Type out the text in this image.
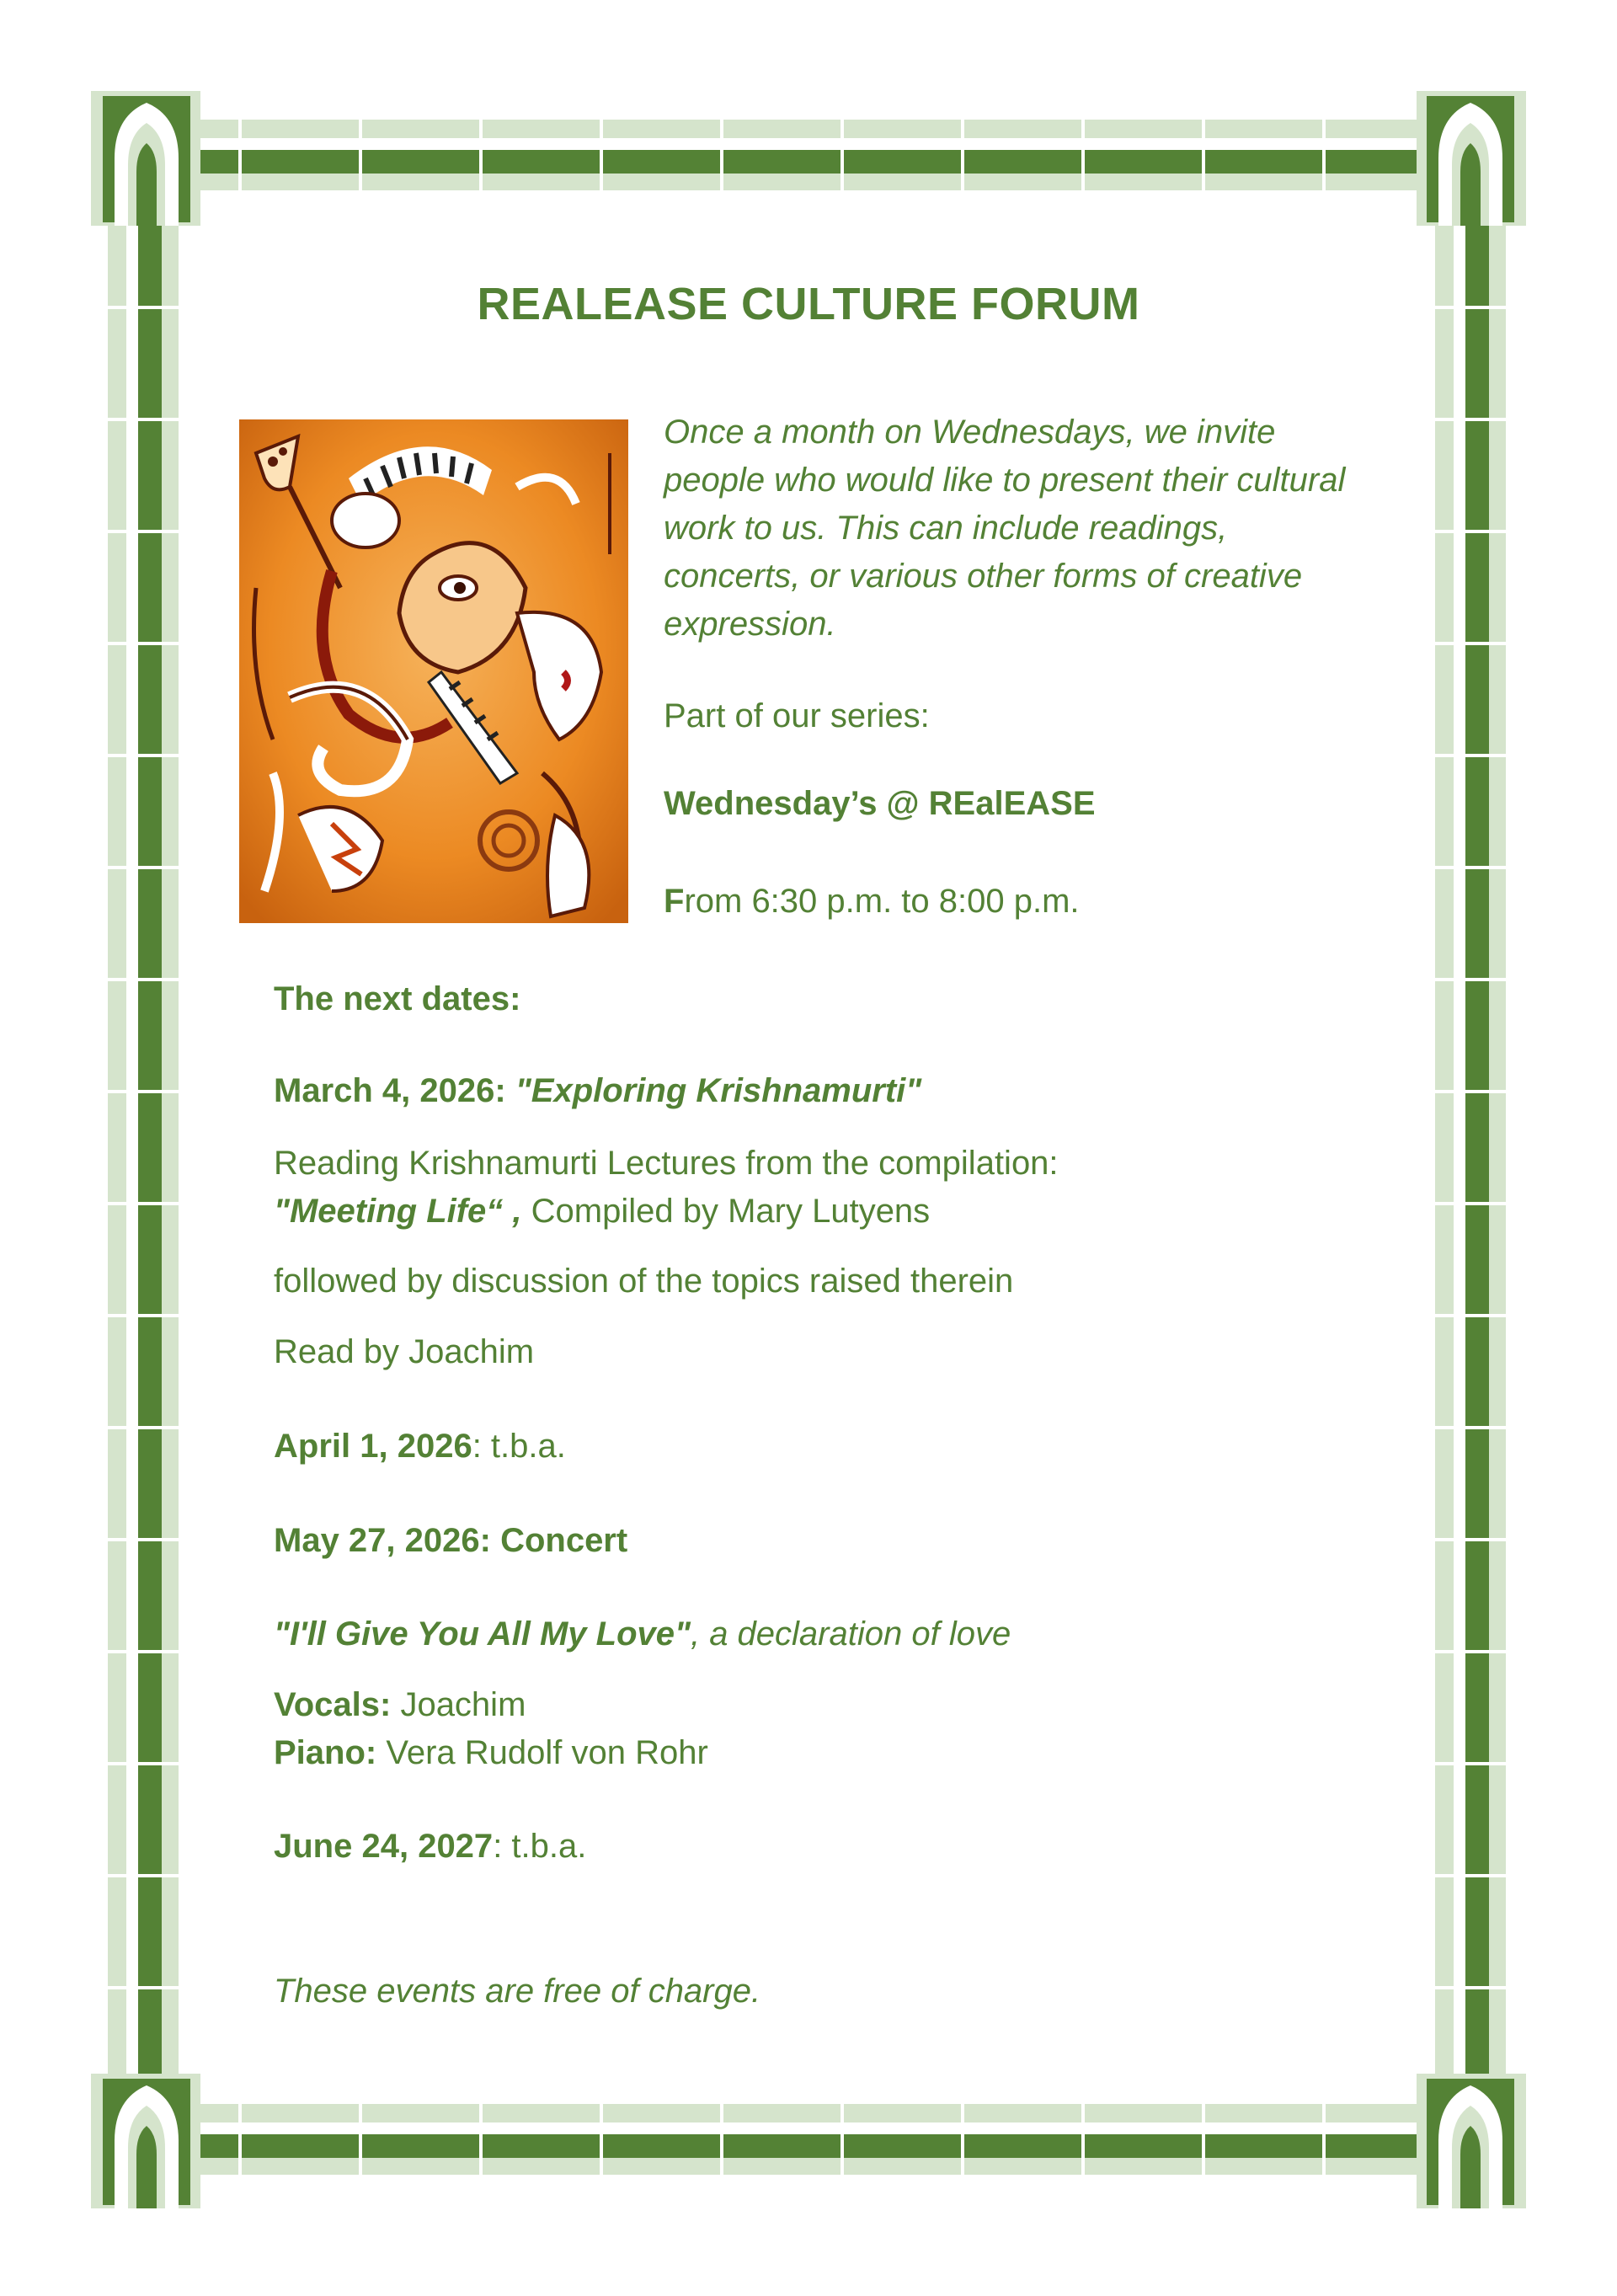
REALEASE CULTURE FORUM
Once a month on Wednesdays, we invite people who would like to present their cultural work to us. This can include readings, concerts, or various other forms of creative expression.
Part of our series:
Wednesday’s @ REalEASE
From 6:30 p.m. to 8:00 p.m.
The next dates:
March 4, 2026: "Exploring Krishnamurti"
Reading Krishnamurti Lectures from the compilation:
"Meeting Life“ , Compiled by Mary Lutyens
followed by discussion of the topics raised therein
Read by Joachim
April 1, 2026: t.b.a.
May 27, 2026: Concert
"I'll Give You All My Love", a declaration of love
Vocals: Joachim
Piano: Vera Rudolf von Rohr
June 24, 2027: t.b.a.
These events are free of charge.
